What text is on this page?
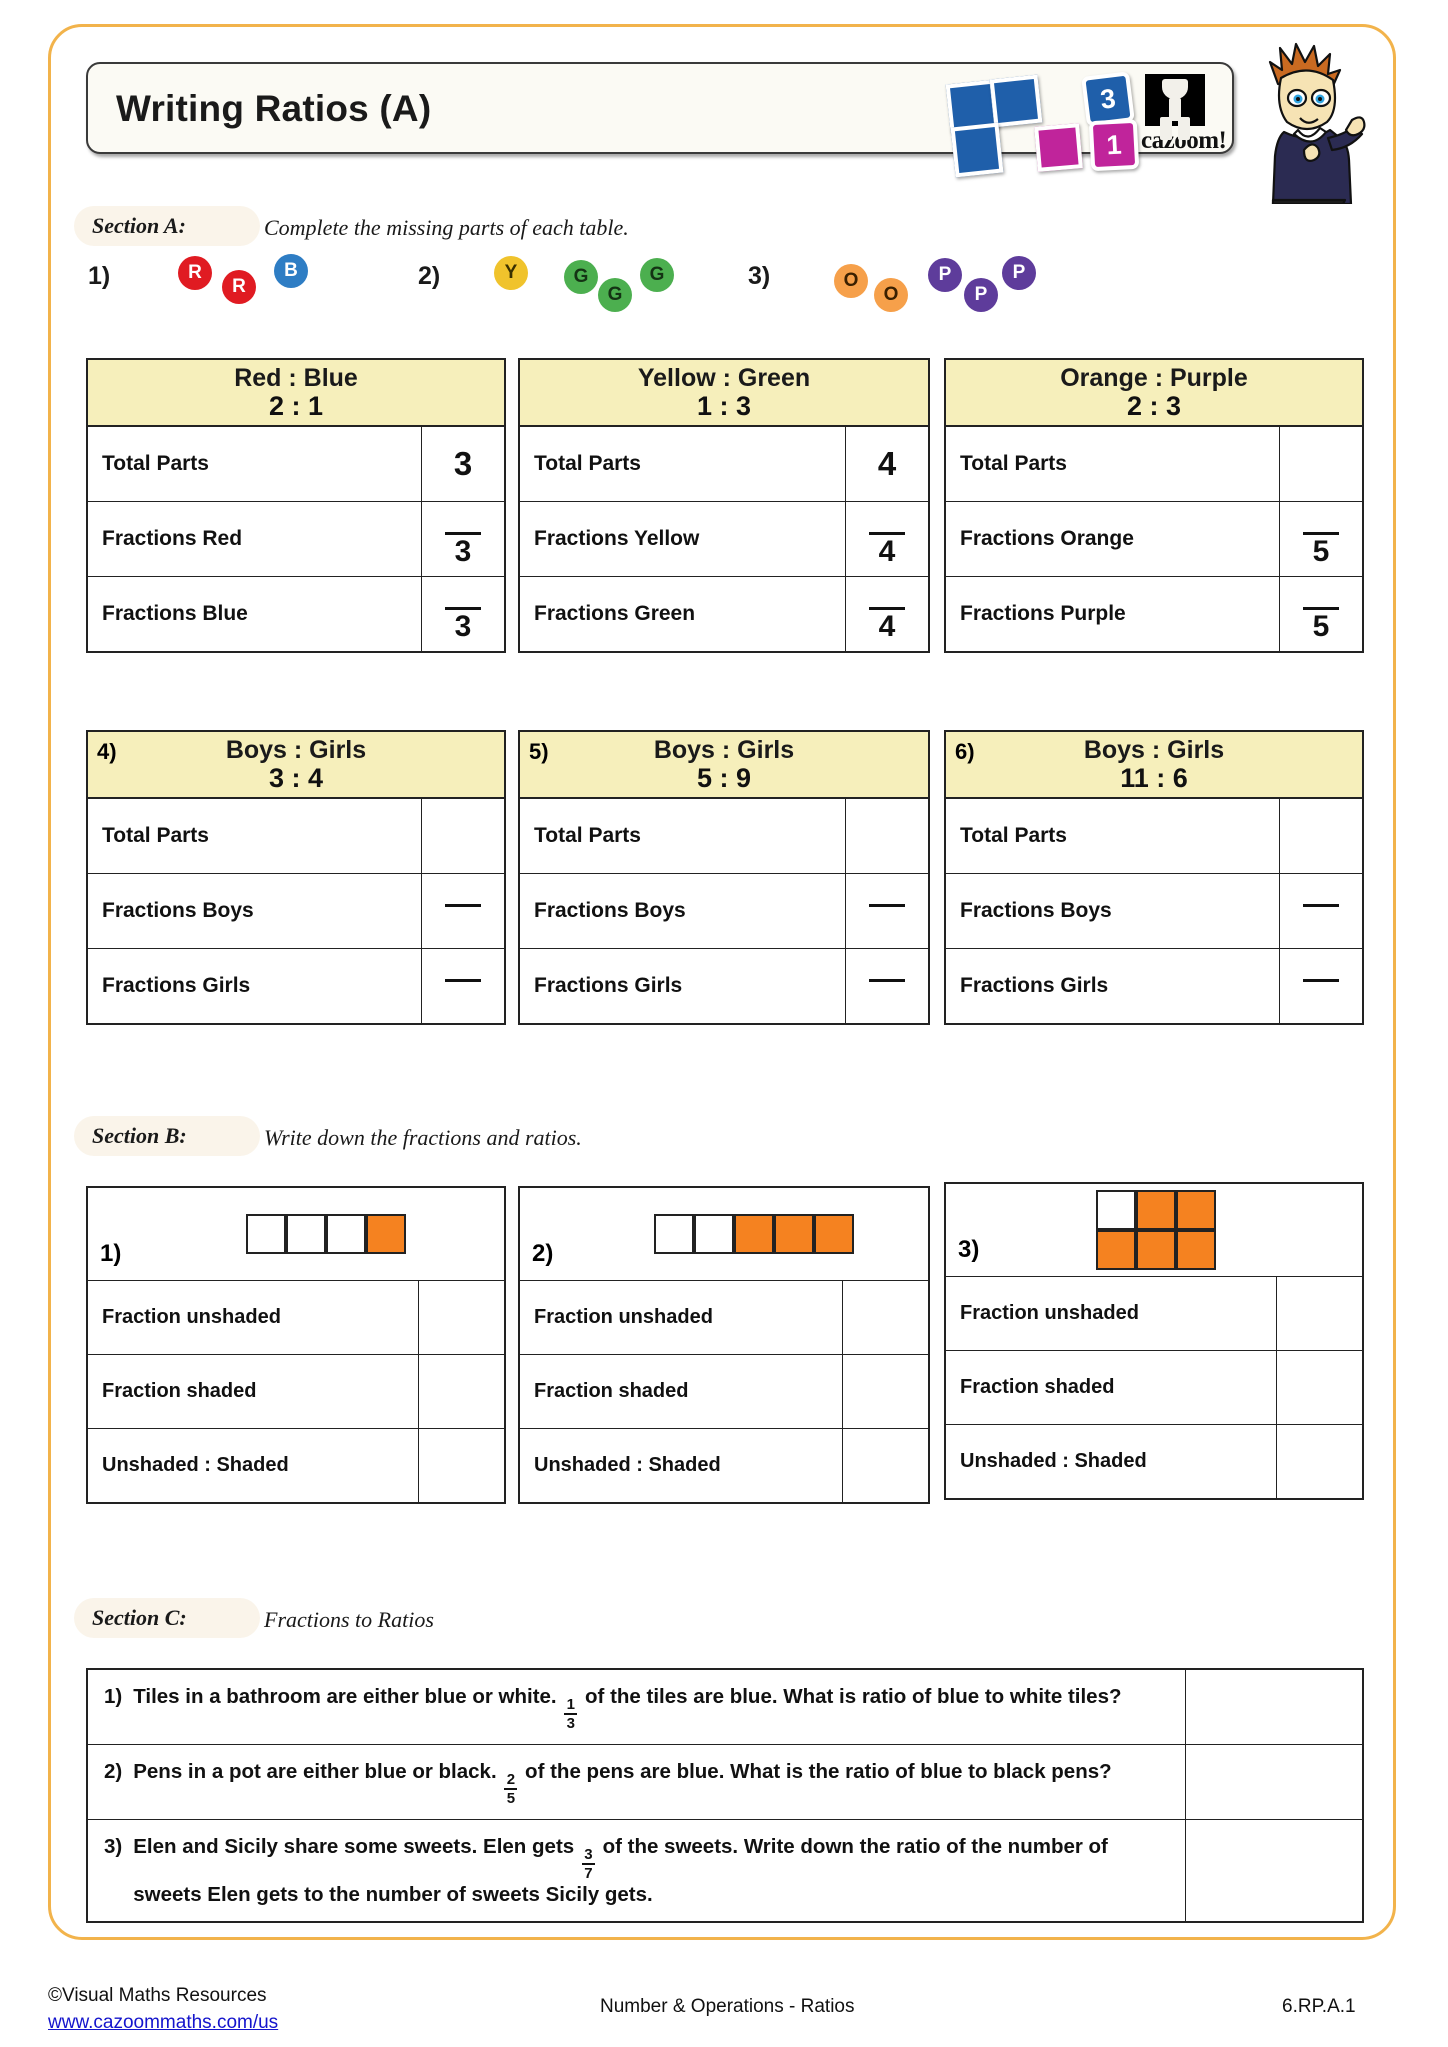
Writing Ratios (A)	3
1 cazoom!
Section A:	Complete the missing parts of each table.
1)	R
R
B	2)	Y	G
G
G	3)	O
O
P
P
P
Red : Blue
2 : 1
Total Parts	3
Fractions Red	3
Fractions Blue	3
Yellow : Green
1 : 3
Total Parts	4
Fractions Yellow	4
Fractions Green	4
Orange : Purple
2 : 3
Total Parts
Fractions Orange	5
Fractions Purple	5
4)	Boys : Girls
3 : 4
Total Parts
Fractions Boys
Fractions Girls
5)	Boys : Girls
5 : 9
Total Parts
Fractions Boys
Fractions Girls
6)	Boys : Girls
11 : 6
Total Parts
Fractions Boys
Fractions Girls
Section B:	Write down the fractions and ratios.
1)
Fraction unshaded
Fraction shaded
Unshaded : Shaded
2)
Fraction unshaded
Fraction shaded
Unshaded : Shaded
3)
Fraction unshaded
Fraction shaded
Unshaded : Shaded
Section C:	Fractions to Ratios
1) Tiles in a bathroom are either blue or white.
$\frac{1}{3}$
of the tiles are blue. What is ratio of blue to white tiles?
2) Pens in a pot are either blue or black.
$\frac{2}{5}$
of the pens are blue. What is the ratio of blue to black pens?
3) Elen and Sicily share some sweets. Elen gets
$\frac{3}{7}$
of the sweets. Write down the ratio of the number of sweets Elen gets to the number of sweets Sicily gets.
©Visual Maths Resources
www.cazoommaths.com/us
Number & Operations - Ratios	6.RP.A.1
